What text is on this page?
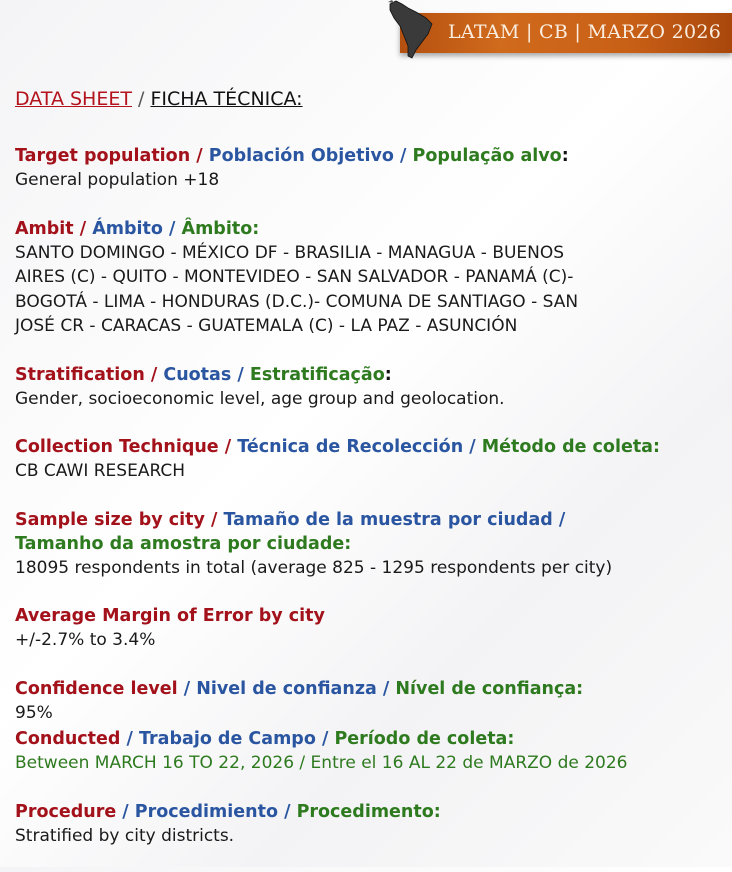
LATAM | CB | MARZO 2026
DATA SHEET / FICHA TÉCNICA:
Target population / Población Objetivo / População alvo:
General population +18
Ambit / Ámbito / Âmbito:
SANTO DOMINGO - MÉXICO DF - BRASILIA - MANAGUA - BUENOS
AIRES (C) - QUITO - MONTEVIDEO - SAN SALVADOR - PANAMÁ (C)-
BOGOTÁ - LIMA - HONDURAS (D.C.)- COMUNA DE SANTIAGO - SAN
JOSÉ CR - CARACAS - GUATEMALA (C) - LA PAZ - ASUNCIÓN
Stratification / Cuotas / Estratificação:
Gender, socioeconomic level, age group and geolocation.
Collection Technique / Técnica de Recolección / Método de coleta:
CB CAWI RESEARCH
Sample size by city / Tamaño de la muestra por ciudad /
Tamanho da amostra por ciudade:
18095 respondents in total (average 825 - 1295 respondents per city)
Average Margin of Error by city
+/-2.7% to 3.4%
Confidence level / Nivel de confianza / Nível de confiança:
95%
Conducted / Trabajo de Campo / Período de coleta:
Between MARCH 16 TO 22, 2026 / Entre el 16 AL 22 de MARZO de 2026
Procedure / Procedimiento / Procedimento:
Stratified by city districts.
